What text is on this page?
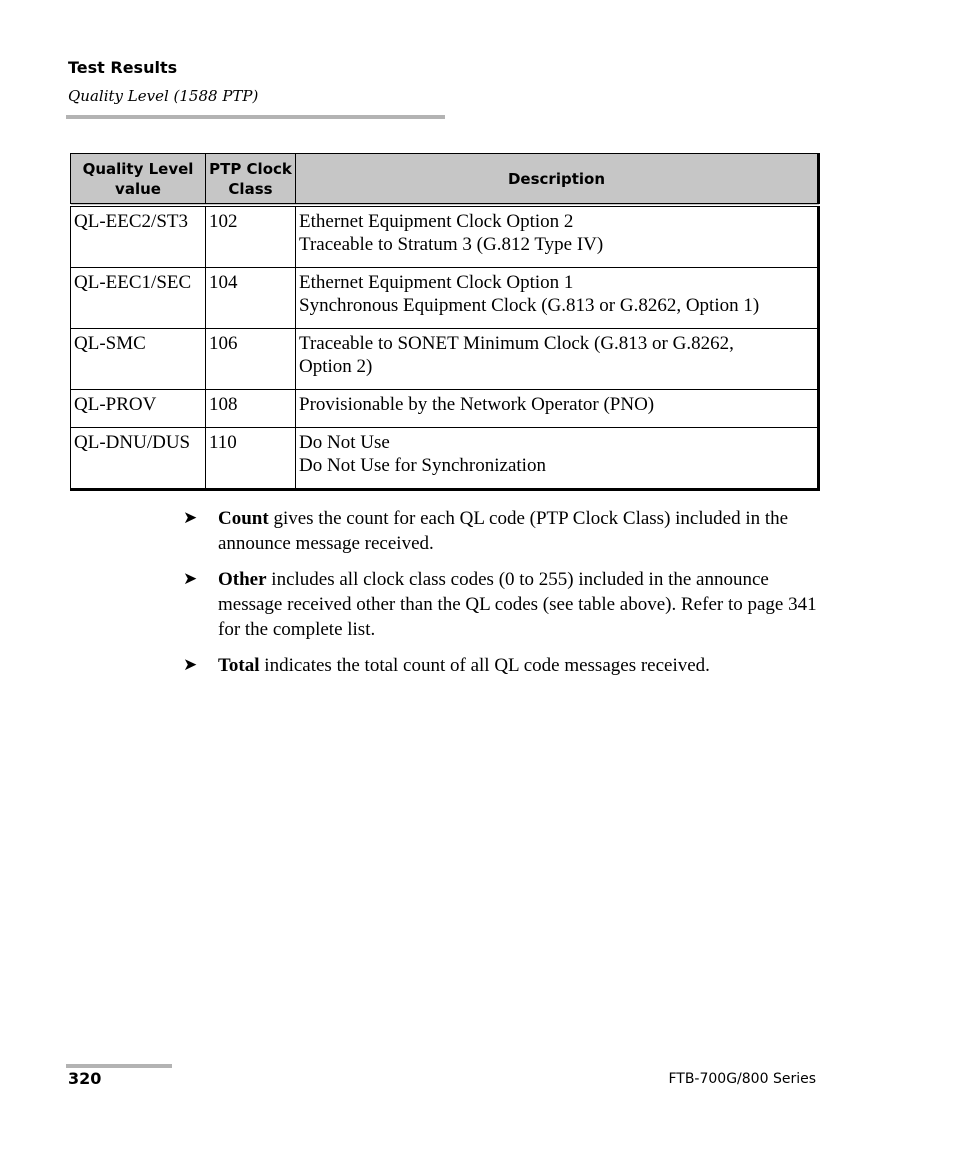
Test Results
Quality Level (1588 PTP)
Quality Level value	PTP Clock Class	Description
QL-EEC2/ST3	102	Ethernet Equipment Clock Option 2
Traceable to Stratum 3 (G.812 Type IV)

QL-EEC1/SEC	104	Ethernet Equipment Clock Option 1
Synchronous Equipment Clock (G.813 or G.8262, Option 1)

QL-SMC	106	Traceable to SONET Minimum Clock (G.813 or G.8262,
Option 2)

QL-PROV	108	Provisionable by the Network Operator (PNO)

QL-DNU/DUS	110	Do Not Use
Do Not Use for Synchronization
➤ Count gives the count for each QL code (PTP Clock Class) included in the announce message received.
➤ Other includes all clock class codes (0 to 255) included in the announce message received other than the QL codes (see table above). Refer to page 341 for the complete list.
➤ Total indicates the total count of all QL code messages received.
320	FTB-700G/800 Series
